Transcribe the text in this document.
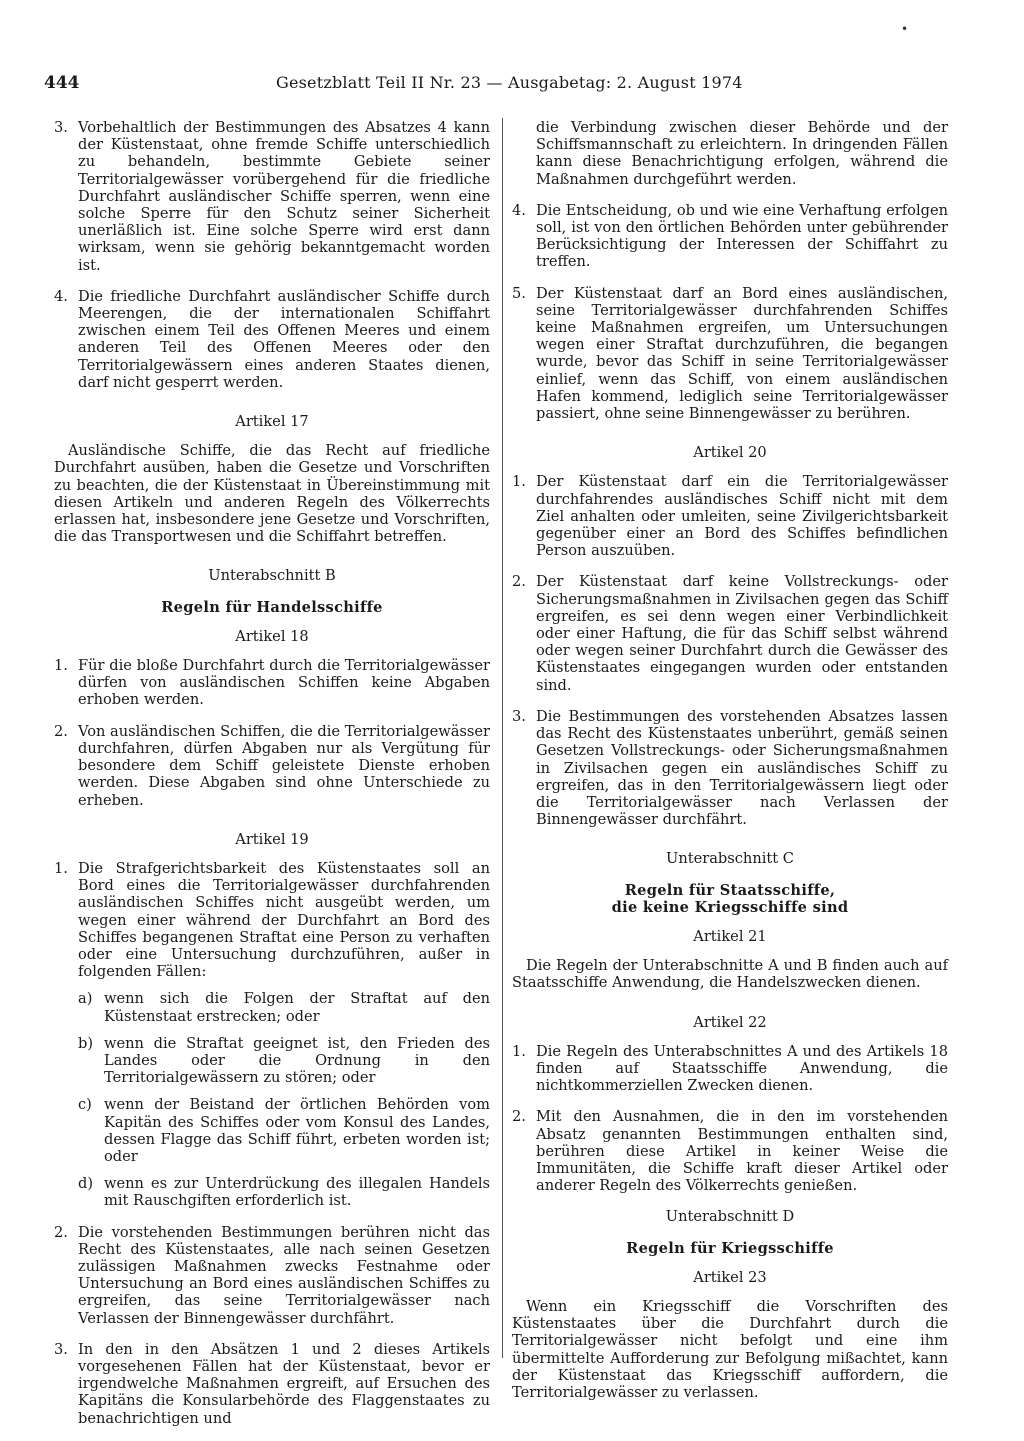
444	Gesetzblatt Teil II Nr. 23 — Ausgabetag: 2. August 1974
•
3. Vorbehaltlich der Bestimmungen des Absatzes 4 kann der Küstenstaat, ohne fremde Schiffe unterschiedlich zu behandeln, bestimmte Gebiete seiner Territorialgewässer vorübergehend für die friedliche Durchfahrt ausländischer Schiffe sperren, wenn eine solche Sperre für den Schutz seiner Sicherheit unerläßlich ist. Eine solche Sperre wird erst dann wirksam, wenn sie gehörig bekanntgemacht worden ist.
4. Die friedliche Durchfahrt ausländischer Schiffe durch Meerengen, die der internationalen Schiffahrt zwischen einem Teil des Offenen Meeres und einem anderen Teil des Offenen Meeres oder den Territorialgewässern eines anderen Staates dienen, darf nicht gesperrt werden.
Artikel 17
Ausländische Schiffe, die das Recht auf friedliche Durchfahrt ausüben, haben die Gesetze und Vorschriften zu beachten, die der Küstenstaat in Übereinstimmung mit diesen Artikeln und anderen Regeln des Völkerrechts erlassen hat, insbesondere jene Gesetze und Vorschriften, die das Transportwesen und die Schiffahrt betreffen.
Unterabschnitt B
Regeln für Handelsschiffe
Artikel 18
1. Für die bloße Durchfahrt durch die Territorialgewässer dürfen von ausländischen Schiffen keine Abgaben erhoben werden.
2. Von ausländischen Schiffen, die die Territorialgewässer durchfahren, dürfen Abgaben nur als Vergütung für besondere dem Schiff geleistete Dienste erhoben werden. Diese Abgaben sind ohne Unterschiede zu erheben.
Artikel 19
1. Die Strafgerichtsbarkeit des Küstenstaates soll an Bord eines die Territorialgewässer durchfahrenden ausländischen Schiffes nicht ausgeübt werden, um wegen einer während der Durchfahrt an Bord des Schiffes begangenen Straftat eine Person zu verhaften oder eine Untersuchung durchzuführen, außer in folgenden Fällen:
a) wenn sich die Folgen der Straftat auf den Küstenstaat erstrecken; oder
b) wenn die Straftat geeignet ist, den Frieden des Landes oder die Ordnung in den Territorialgewässern zu stören; oder
c) wenn der Beistand der örtlichen Behörden vom Kapitän des Schiffes oder vom Konsul des Landes, dessen Flagge das Schiff führt, erbeten worden ist; oder
d) wenn es zur Unterdrückung des illegalen Handels mit Rauschgiften erforderlich ist.
2. Die vorstehenden Bestimmungen berühren nicht das Recht des Küstenstaates, alle nach seinen Gesetzen zulässigen Maßnahmen zwecks Festnahme oder Untersuchung an Bord eines ausländischen Schiffes zu ergreifen, das seine Territorialgewässer nach Verlassen der Binnengewässer durchfährt.
3. In den in den Absätzen 1 und 2 dieses Artikels vorgesehenen Fällen hat der Küstenstaat, bevor er irgendwelche Maßnahmen ergreift, auf Ersuchen des Kapitäns die Konsularbehörde des Flaggenstaates zu benachrichtigen und
die Verbindung zwischen dieser Behörde und der Schiffsmannschaft zu erleichtern. In dringenden Fällen kann diese Benachrichtigung erfolgen, während die Maßnahmen durchgeführt werden.
4. Die Entscheidung, ob und wie eine Verhaftung erfolgen soll, ist von den örtlichen Behörden unter gebührender Berücksichtigung der Interessen der Schiffahrt zu treffen.
5. Der Küstenstaat darf an Bord eines ausländischen, seine Territorialgewässer durchfahrenden Schiffes keine Maßnahmen ergreifen, um Untersuchungen wegen einer Straftat durchzuführen, die begangen wurde, bevor das Schiff in seine Territorialgewässer einlief, wenn das Schiff, von einem ausländischen Hafen kommend, lediglich seine Territorialgewässer passiert, ohne seine Binnengewässer zu berühren.
Artikel 20
1. Der Küstenstaat darf ein die Territorialgewässer durchfahrendes ausländisches Schiff nicht mit dem Ziel anhalten oder umleiten, seine Zivilgerichtsbarkeit gegenüber einer an Bord des Schiffes befindlichen Person auszuüben.
2. Der Küstenstaat darf keine Vollstreckungs- oder Sicherungsmaßnahmen in Zivilsachen gegen das Schiff ergreifen, es sei denn wegen einer Verbindlichkeit oder einer Haftung, die für das Schiff selbst während oder wegen seiner Durchfahrt durch die Gewässer des Küstenstaates eingegangen wurden oder entstanden sind.
3. Die Bestimmungen des vorstehenden Absatzes lassen das Recht des Küstenstaates unberührt, gemäß seinen Gesetzen Vollstreckungs- oder Sicherungsmaßnahmen in Zivilsachen gegen ein ausländisches Schiff zu ergreifen, das in den Territorialgewässern liegt oder die Territorialgewässer nach Verlassen der Binnengewässer durchfährt.
Unterabschnitt C
Regeln für Staatsschiffe,
die keine Kriegsschiffe sind
Artikel 21
Die Regeln der Unterabschnitte A und B finden auch auf Staatsschiffe Anwendung, die Handelszwecken dienen.
Artikel 22
1. Die Regeln des Unterabschnittes A und des Artikels 18 finden auf Staatsschiffe Anwendung, die nichtkommerziellen Zwecken dienen.
2. Mit den Ausnahmen, die in den im vorstehenden Absatz genannten Bestimmungen enthalten sind, berühren diese Artikel in keiner Weise die Immunitäten, die Schiffe kraft dieser Artikel oder anderer Regeln des Völkerrechts genießen.
Unterabschnitt D
Regeln für Kriegsschiffe
Artikel 23
Wenn ein Kriegsschiff die Vorschriften des Küstenstaates über die Durchfahrt durch die Territorialgewässer nicht befolgt und eine ihm übermittelte Aufforderung zur Befolgung mißachtet, kann der Küstenstaat das Kriegsschiff auffordern, die Territorialgewässer zu verlassen.
